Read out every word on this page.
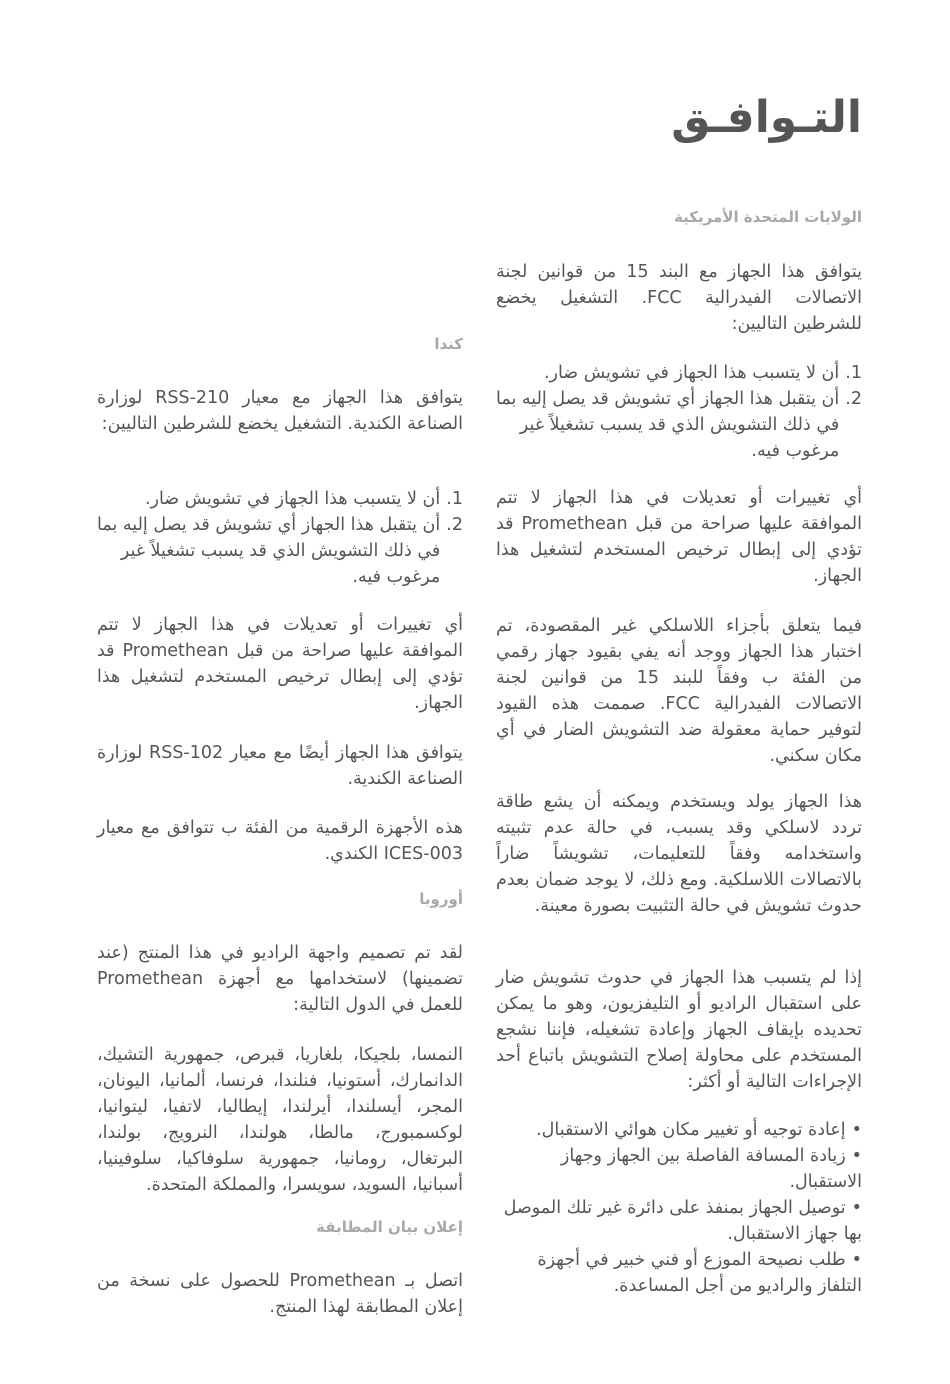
التـوافـق
الولايات المتحدة الأمريكية

يتوافق هذا الجهاز مع البند 15 من قوانين لجنة الاتصالات الفيدرالية FCC. التشغيل يخضع للشرطين التاليين:

1.
أن لا يتسبب هذا الجهاز في تشويش ضار.
2.
أن يتقبل هذا الجهاز أي تشويش قد يصل إليه بما في ذلك التشويش الذي قد يسبب تشغيلاً غير مرغوب فيه.

أي تغييرات أو تعديلات في هذا الجهاز لا تتم الموافقة عليها صراحة من قبل Promethean قد تؤدي إلى إبطال ترخيص المستخدم لتشغيل هذا الجهاز.

فيما يتعلق بأجزاء اللاسلكي غير المقصودة، تم اختبار هذا الجهاز ووجد أنه يفي بقيود جهاز رقمي من الفئة ب وفقاً للبند 15 من قوانين لجنة الاتصالات الفيدرالية FCC. صممت هذه القيود لتوفير حماية معقولة ضد التشويش الضار في أي مكان سكني.

هذا الجهاز يولد ويستخدم ويمكنه أن يشع طاقة تردد لاسلكي وقد يسبب، في حالة عدم تثبيته واستخدامه وفقاً للتعليمات، تشويشاً ضاراً بالاتصالات اللاسلكية. ومع ذلك، لا يوجد ضمان بعدم حدوث تشويش في حالة التثبيت بصورة معينة.

إذا لم يتسبب هذا الجهاز في حدوث تشويش ضار على استقبال الراديو أو التليفزيون، وهو ما يمكن تحديده بإيقاف الجهاز وإعادة تشغيله، فإننا نشجع المستخدم على محاولة إصلاح التشويش باتباع أحد الإجراءات التالية أو أكثر:

•إعادة توجيه أو تغيير مكان هوائي الاستقبال.
•زيادة المسافة الفاصلة بين الجهاز وجهاز الاستقبال.
•توصيل الجهاز بمنفذ على دائرة غير تلك الموصل بها جهاز الاستقبال.
•طلب نصيحة الموزع أو فني خبير في أجهزة التلفاز والراديو من أجل المساعدة.
كندا

يتوافق هذا الجهاز مع معيار RSS-210 لوزارة الصناعة الكندية. التشغيل يخضع للشرطين التاليين:

1.
أن لا يتسبب هذا الجهاز في تشويش ضار.
2.
أن يتقبل هذا الجهاز أي تشويش قد يصل إليه بما في ذلك التشويش الذي قد يسبب تشغيلاً غير مرغوب فيه.

أي تغييرات أو تعديلات في هذا الجهاز لا تتم الموافقة عليها صراحة من قبل Promethean قد تؤدي إلى إبطال ترخيص المستخدم لتشغيل هذا الجهاز.

يتوافق هذا الجهاز أيضًا مع معيار RSS-102 لوزارة الصناعة الكندية.

هذه الأجهزة الرقمية من الفئة ب تتوافق مع معيار ICES-003 الكندي.

أوروبا

لقد تم تصميم واجهة الراديو في هذا المنتج (عند تضمينها) لاستخدامها مع أجهزة Promethean للعمل في الدول التالية:

النمسا، بلجيكا، بلغاريا، قبرص، جمهورية التشيك، الدانمارك، أستونيا، فنلندا، فرنسا، ألمانيا، اليونان، المجر، أيسلندا، أيرلندا، إيطاليا، لاتفيا، ليتوانيا، لوكسمبورج، مالطا، هولندا، النرويج، بولندا، البرتغال، رومانيا، جمهورية سلوفاكيا، سلوفينيا، أسبانيا، السويد، سويسرا، والمملكة المتحدة.

إعلان بيان المطابقة

اتصل بـ Promethean للحصول على نسخة من إعلان المطابقة لهذا المنتج.
